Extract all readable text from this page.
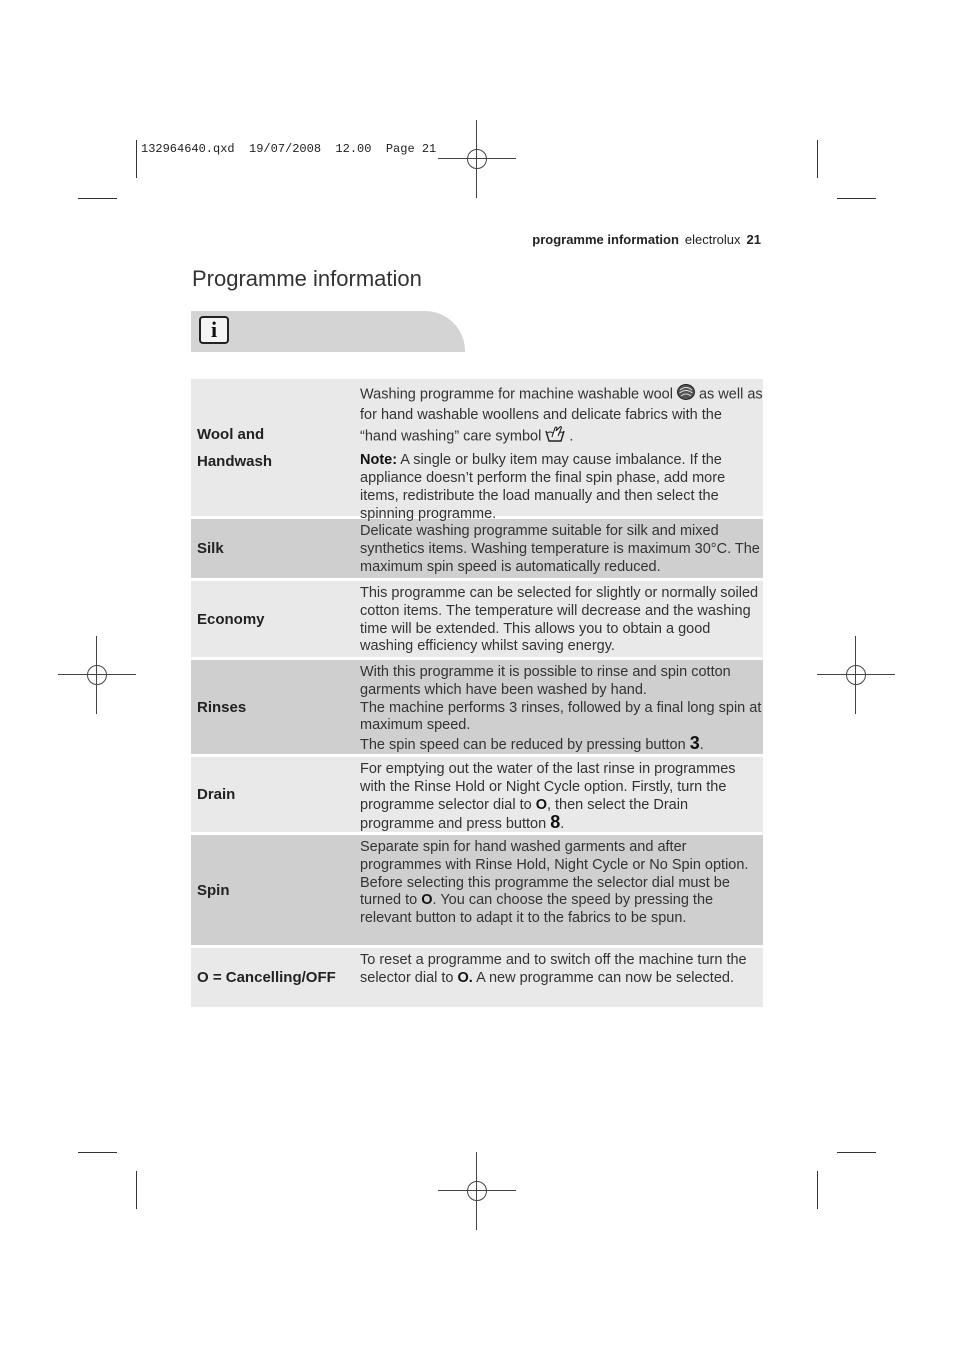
132964640.qxd  19/07/2008  12.00  Page 21
programme information electrolux 21
Programme information
i
Wool and
Handwash

Washing programme for machine washable wool as well as for hand washable woollens and delicate fabrics with the “hand washing” care symbol .

Note: A single or bulky item may cause imbalance. If the appliance doesn’t perform the final spin phase, add more items, redistribute the load manually and then select the spinning programme.

Silk
Delicate washing programme suitable for silk and mixed synthetics items. Washing temperature is maximum 30°C. The maximum spin speed is automatically reduced.
Economy
This programme can be selected for slightly or normally soiled cotton items. The temperature will decrease and the washing time will be extended. This allows you to obtain a good washing efficiency whilst saving energy.
Rinses

With this programme it is possible to rinse and spin cotton garments which have been washed by hand.

The machine performs 3 rinses, followed by a final long spin at maximum speed.

The spin speed can be reduced by pressing button 3.

Drain

For emptying out the water of the last rinse in programmes with the Rinse Hold or Night Cycle option. Firstly, turn the programme selector dial to O, then select the Drain programme and press button 8.

Spin

Separate spin for hand washed garments and after programmes with Rinse Hold, Night Cycle or No Spin option. Before selecting this programme the selector dial must be turned to O. You can choose the speed by pressing the relevant button to adapt it to the fabrics to be spun.

O = Cancelling/OFF

To reset a programme and to switch off the machine turn the selector dial to O. A new programme can now be selected.
